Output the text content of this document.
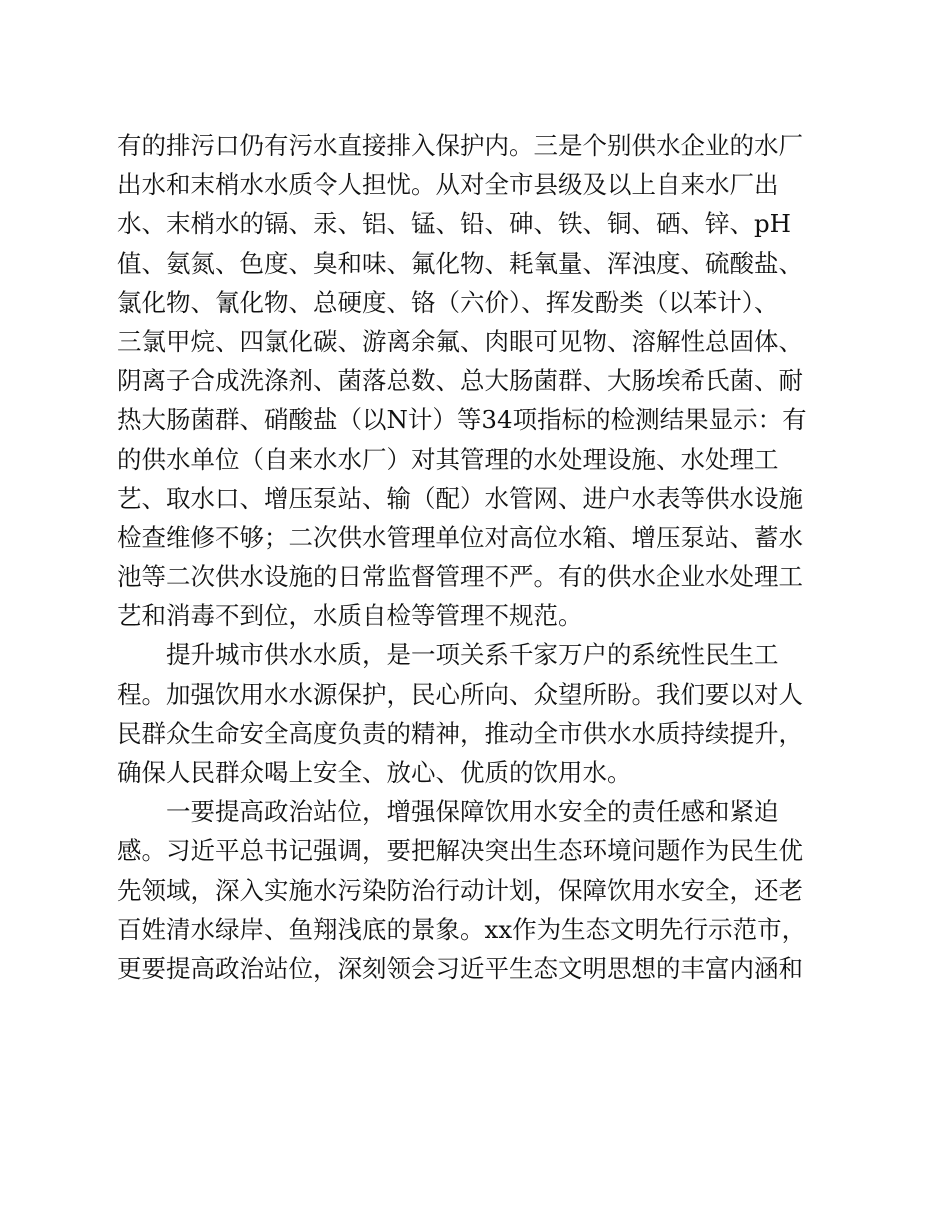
有的排污口仍有污水直接排入保护内。三是个别供水企业的水厂
出水和末梢水水质令人担忧。从对全市县级及以上自来水厂出
水、末梢水的镉、汞、铝、锰、铅、砷、铁、铜、硒、锌、pH
值、氨氮、色度、臭和味、氟化物、耗氧量、浑浊度、硫酸盐、
氯化物、氰化物、总硬度、铬（六价）、挥发酚类（以苯计）、
三氯甲烷、四氯化碳、游离余氟、肉眼可见物、溶解性总固体、
阴离子合成洗涤剂、菌落总数、总大肠菌群、大肠埃希氏菌、耐
热大肠菌群、硝酸盐（以N计）等34项指标的检测结果显示：有
的供水单位（自来水水厂）对其管理的水处理设施、水处理工
艺、取水口、增压泵站、输（配）水管网、进户水表等供水设施
检查维修不够；二次供水管理单位对高位水箱、增压泵站、蓄水
池等二次供水设施的日常监督管理不严。有的供水企业水处理工
艺和消毒不到位，水质自检等管理不规范。
提升城市供水水质，是一项关系千家万户的系统性民生工
程。加强饮用水水源保护，民心所向、众望所盼。我们要以对人
民群众生命安全高度负责的精神，推动全市供水水质持续提升，
确保人民群众喝上安全、放心、优质的饮用水。
一要提高政治站位，增强保障饮用水安全的责任感和紧迫
感。习近平总书记强调，要把解决突出生态环境问题作为民生优
先领域，深入实施水污染防治行动计划，保障饮用水安全，还老
百姓清水绿岸、鱼翔浅底的景象。xx作为生态文明先行示范市，
更要提高政治站位，深刻领会习近平生态文明思想的丰富内涵和
